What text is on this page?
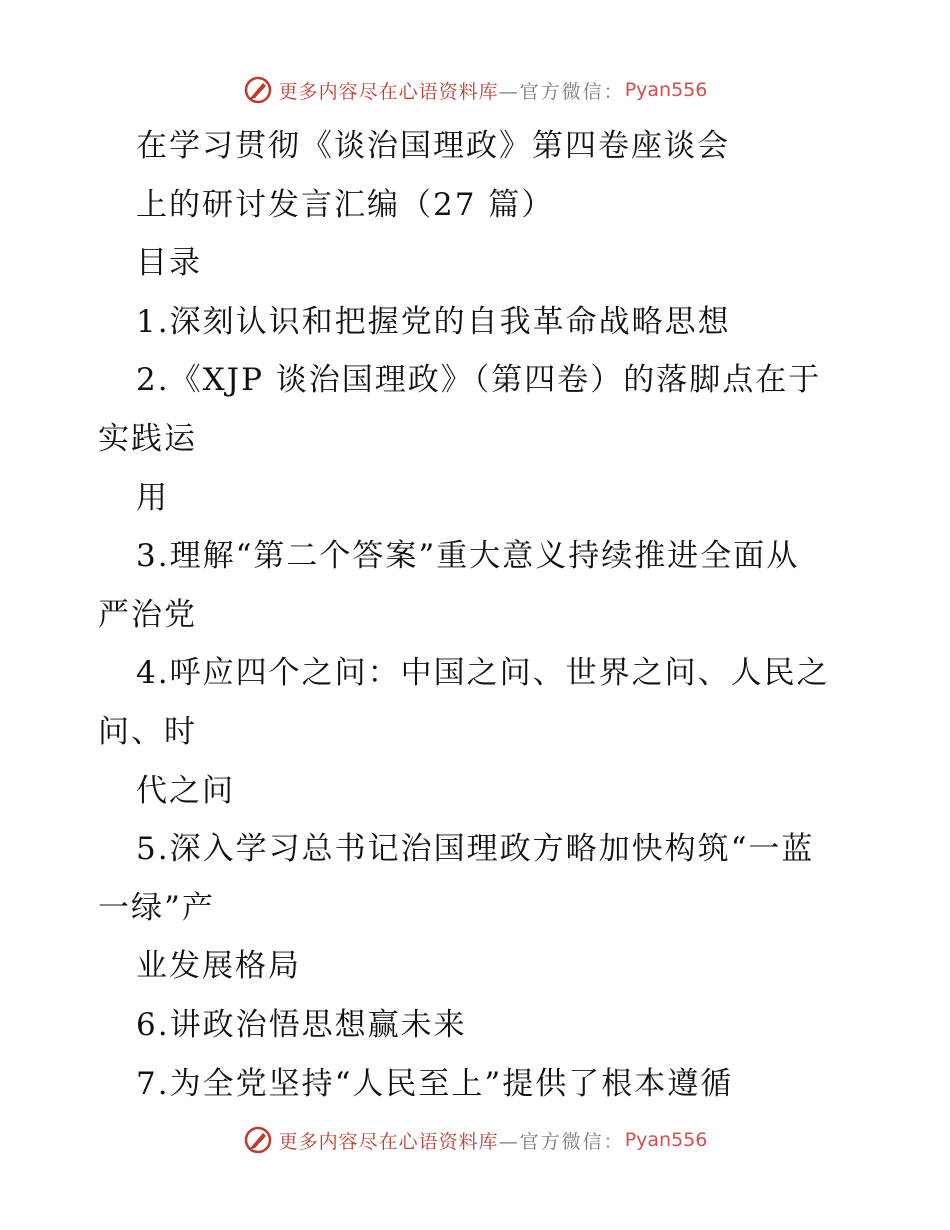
更多内容尽在心语资料库 —官方微信： Pyan556
在学习贯彻《谈治国理政》第四卷座谈会
上的研讨发言汇编（27 篇）
目录
1.深刻认识和把握党的自我革命战略思想
2.《XJP 谈治国理政》（第四卷）的落脚点在于
实践运
用
3.理解“第二个答案”重大意义持续推进全面从
严治党
4.呼应四个之问：中国之问、世界之问、人民之
问、时
代之问
5.深入学习总书记治国理政方略加快构筑“一蓝
一绿”产
业发展格局
6.讲政治悟思想赢未来
7.为全党坚持“人民至上”提供了根本遵循
更多内容尽在心语资料库 —官方微信： Pyan556
